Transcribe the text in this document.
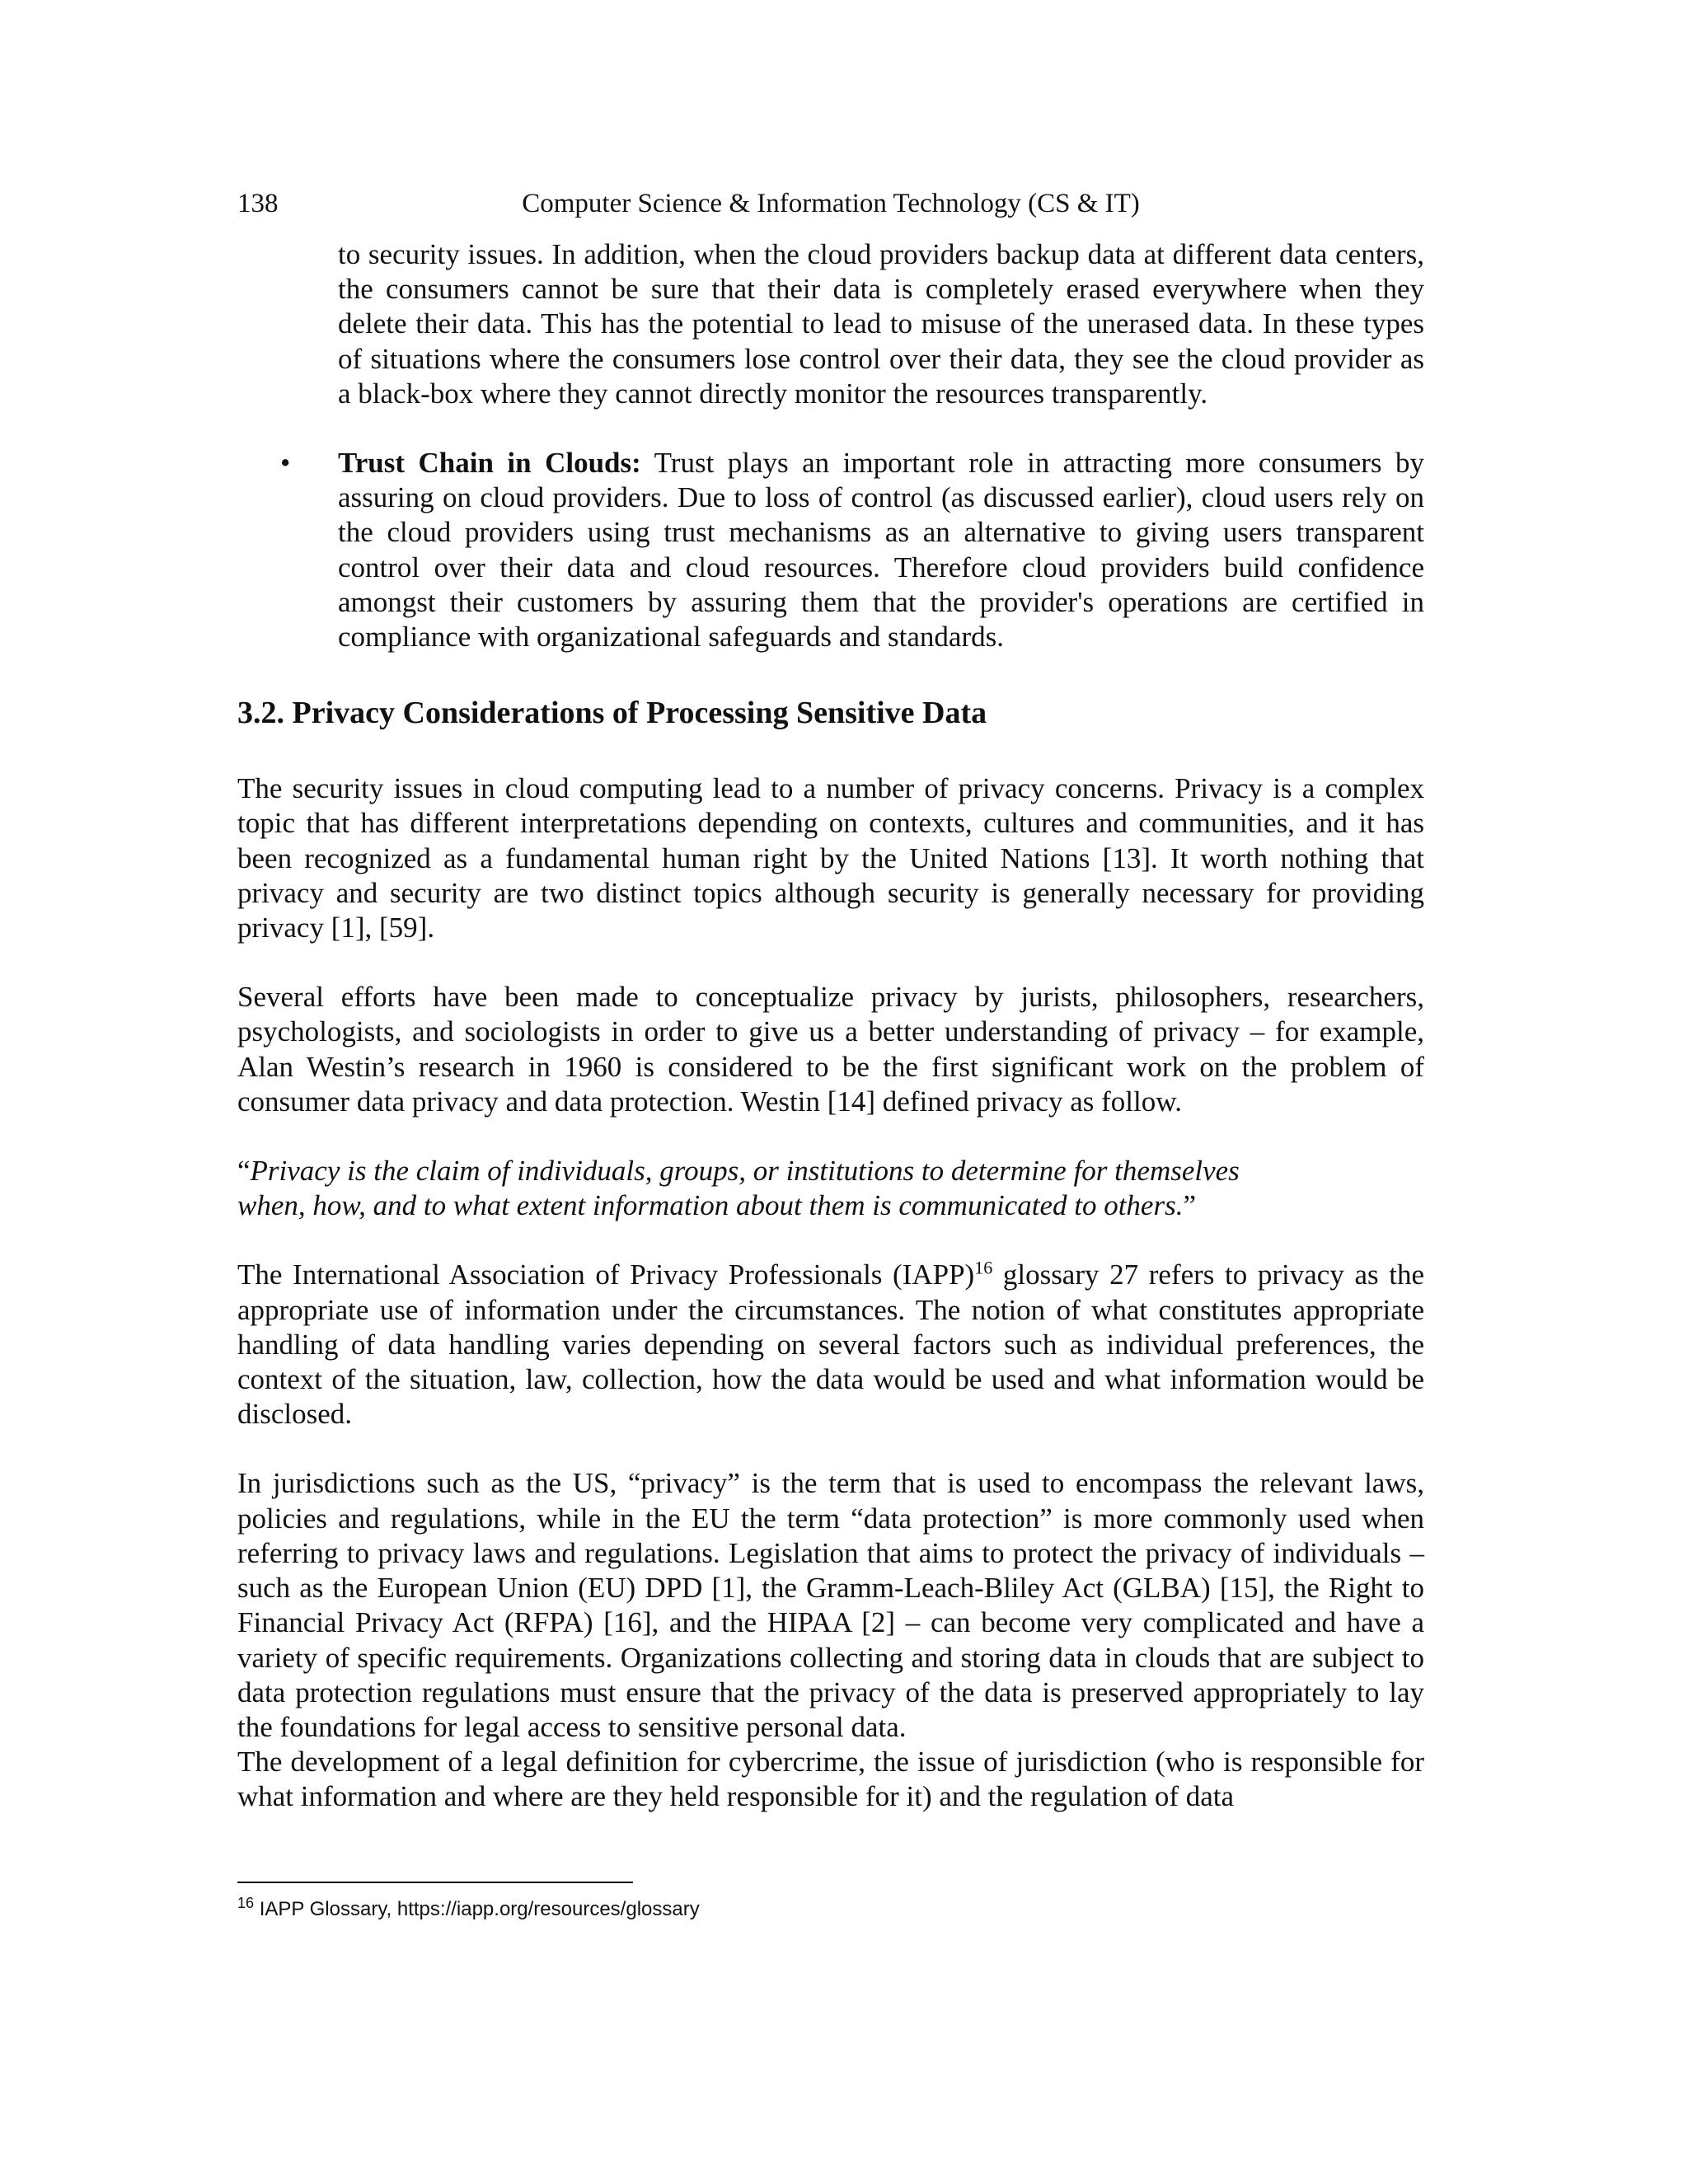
138	Computer Science & Information Technology (CS & IT)

to security issues. In addition, when the cloud providers backup data at different data centers, the consumers cannot be sure that their data is completely erased everywhere when they delete their data. This has the potential to lead to misuse of the unerased data. In these types of situations where the consumers lose control over their data, they see the cloud provider as a black-box where they cannot directly monitor the resources transparently.

• Trust Chain in Clouds: Trust plays an important role in attracting more consumers by assuring on cloud providers. Due to loss of control (as discussed earlier), cloud users rely on the cloud providers using trust mechanisms as an alternative to giving users transparent control over their data and cloud resources. Therefore cloud providers build confidence amongst their customers by assuring them that the provider's operations are certified in compliance with organizational safeguards and standards.

3.2. Privacy Considerations of Processing Sensitive Data

The security issues in cloud computing lead to a number of privacy concerns. Privacy is a complex topic that has different interpretations depending on contexts, cultures and communities, and it has been recognized as a fundamental human right by the United Nations [13]. It worth nothing that privacy and security are two distinct topics although security is generally necessary for providing privacy [1], [59].

Several efforts have been made to conceptualize privacy by jurists, philosophers, researchers, psychologists, and sociologists in order to give us a better understanding of privacy – for example, Alan Westin’s research in 1960 is considered to be the first significant work on the problem of consumer data privacy and data protection. Westin [14] defined privacy as follow.

“Privacy is the claim of individuals, groups, or institutions to determine for themselves
when, how, and to what extent information about them is communicated to others.”

The International Association of Privacy Professionals (IAPP)$^{16}$ glossary 27 refers to privacy as the appropriate use of information under the circumstances. The notion of what constitutes appropriate handling of data handling varies depending on several factors such as individual preferences, the context of the situation, law, collection, how the data would be used and what information would be disclosed.

In jurisdictions such as the US, “privacy” is the term that is used to encompass the relevant laws, policies and regulations, while in the EU the term “data protection” is more commonly used when referring to privacy laws and regulations. Legislation that aims to protect the privacy of individuals – such as the European Union (EU) DPD [1], the Gramm-Leach-Bliley Act (GLBA) [15], the Right to Financial Privacy Act (RFPA) [16], and the HIPAA [2] – can become very complicated and have a variety of specific requirements. Organizations collecting and storing data in clouds that are subject to data protection regulations must ensure that the privacy of the data is preserved appropriately to lay the foundations for legal access to sensitive personal data.

The development of a legal definition for cybercrime, the issue of jurisdiction (who is responsible for what information and where are they held responsible for it) and the regulation of data

$^{16}$ IAPP Glossary, https://iapp.org/resources/glossary
